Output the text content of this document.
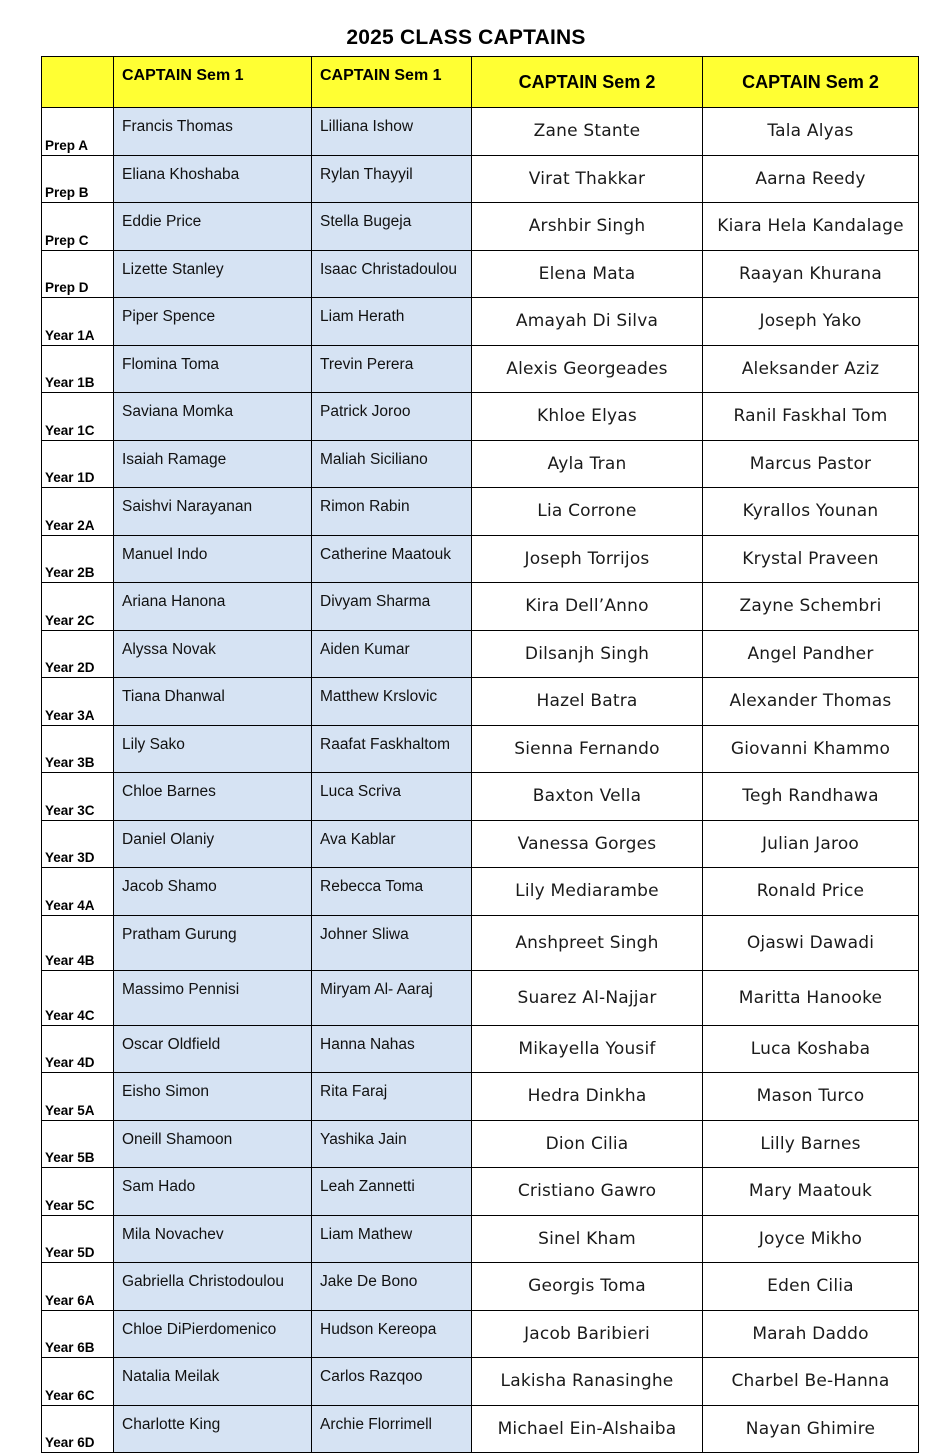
2025 CLASS CAPTAINS
	CAPTAIN Sem 1	CAPTAIN Sem 1	CAPTAIN Sem 2	CAPTAIN Sem 2
Prep A	Francis Thomas	Lilliana Ishow	Zane Stante	Tala Alyas
Prep B	Eliana Khoshaba	Rylan Thayyil	Virat Thakkar	Aarna Reedy
Prep C	Eddie Price	Stella Bugeja	Arshbir Singh	Kiara Hela Kandalage
Prep D	Lizette Stanley	Isaac Christadoulou	Elena Mata	Raayan Khurana
Year 1A	Piper Spence	Liam Herath	Amayah Di Silva	Joseph Yako
Year 1B	Flomina Toma	Trevin Perera	Alexis Georgeades	Aleksander Aziz
Year 1C	Saviana Momka	Patrick Joroo	Khloe Elyas	Ranil Faskhal Tom
Year 1D	Isaiah Ramage	Maliah Siciliano	Ayla Tran	Marcus Pastor
Year 2A	Saishvi Narayanan	Rimon Rabin	Lia Corrone	Kyrallos Younan
Year 2B	Manuel Indo	Catherine Maatouk	Joseph Torrijos	Krystal Praveen
Year 2C	Ariana Hanona	Divyam Sharma	Kira Dell’Anno	Zayne Schembri
Year 2D	Alyssa Novak	Aiden Kumar	Dilsanjh Singh	Angel Pandher
Year 3A	Tiana Dhanwal	Matthew Krslovic	Hazel Batra	Alexander Thomas
Year 3B	Lily Sako	Raafat Faskhaltom	Sienna Fernando	Giovanni Khammo
Year 3C	Chloe Barnes	Luca Scriva	Baxton Vella	Tegh Randhawa
Year 3D	Daniel Olaniy	Ava Kablar	Vanessa Gorges	Julian Jaroo
Year 4A	Jacob Shamo	Rebecca Toma	Lily Mediarambe	Ronald Price
Year 4B	Pratham Gurung	Johner Sliwa	Anshpreet Singh	Ojaswi Dawadi
Year 4C	Massimo Pennisi	Miryam Al- Aaraj	Suarez Al-Najjar	Maritta Hanooke
Year 4D	Oscar Oldfield	Hanna Nahas	Mikayella Yousif	Luca Koshaba
Year 5A	Eisho Simon	Rita Faraj	Hedra Dinkha	Mason Turco
Year 5B	Oneill Shamoon	Yashika Jain	Dion Cilia	Lilly Barnes
Year 5C	Sam Hado	Leah Zannetti	Cristiano Gawro	Mary Maatouk
Year 5D	Mila Novachev	Liam Mathew	Sinel Kham	Joyce Mikho
Year 6A	Gabriella Christodoulou	Jake De Bono	Georgis Toma	Eden Cilia
Year 6B	Chloe DiPierdomenico	Hudson Kereopa	Jacob Baribieri	Marah Daddo
Year 6C	Natalia Meilak	Carlos Razqoo	Lakisha Ranasinghe	Charbel Be-Hanna
Year 6D	Charlotte King	Archie Florrimell	Michael Ein-Alshaiba	Nayan Ghimire
